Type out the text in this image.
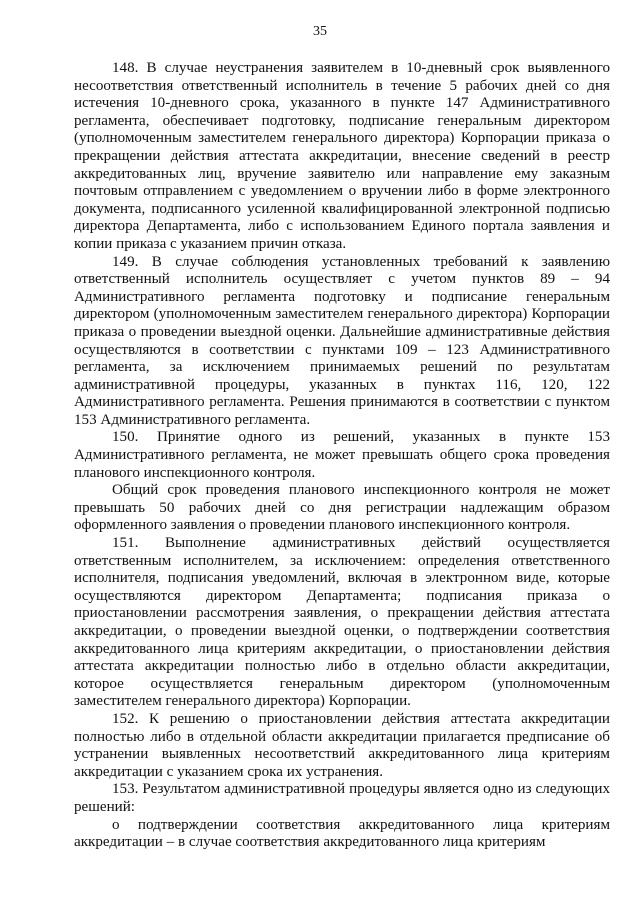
35

148. В случае неустранения заявителем в 10-дневный срок выявленного несоответствия ответственный исполнитель в течение 5 рабочих дней со дня истечения 10-дневного срока, указанного в пункте 147 Административного регламента, обеспечивает подготовку, подписание генеральным директором (уполномоченным заместителем генерального директора) Корпорации приказа о прекращении действия аттестата аккредитации, внесение сведений в реестр аккредитованных лиц, вручение заявителю или направление ему заказным почтовым отправлением с уведомлением о вручении либо в форме электронного документа, подписанного усиленной квалифицированной электронной подписью директора Департамента, либо с использованием Единого портала заявления и копии приказа с указанием причин отказа.

149. В случае соблюдения установленных требований к заявлению ответственный исполнитель осуществляет с учетом пунктов 89 – 94 Административного регламента подготовку и подписание генеральным директором (уполномоченным заместителем генерального директора) Корпорации приказа о проведении выездной оценки. Дальнейшие административные действия осуществляются в соответствии с пунктами 109 – 123 Административного регламента, за исключением принимаемых решений по результатам административной процедуры, указанных в пунктах 116, 120, 122 Административного регламента. Решения принимаются в соответствии с пунктом 153 Административного регламента.

150. Принятие одного из решений, указанных в пункте 153 Административного регламента, не может превышать общего срока проведения планового инспекционного контроля.

Общий срок проведения планового инспекционного контроля не может превышать 50 рабочих дней со дня регистрации надлежащим образом оформленного заявления о проведении планового инспекционного контроля.

151. Выполнение административных действий осуществляется ответственным исполнителем, за исключением: определения ответственного исполнителя, подписания уведомлений, включая в электронном виде, которые осуществляются директором Департамента; подписания приказа о приостановлении рассмотрения заявления, о прекращении действия аттестата аккредитации, о проведении выездной оценки, о подтверждении соответствия аккредитованного лица критериям аккредитации, о приостановлении действия аттестата аккредитации полностью либо в отдельно области аккредитации, которое осуществляется генеральным директором (уполномоченным заместителем генерального директора) Корпорации.

152. К решению о приостановлении действия аттестата аккредитации полностью либо в отдельной области аккредитации прилагается предписание об устранении выявленных несоответствий аккредитованного лица критериям аккредитации с указанием срока их устранения.

153. Результатом административной процедуры является одно из следующих решений:

о подтверждении соответствия аккредитованного лица критериям аккредитации – в случае соответствия аккредитованного лица критериям
